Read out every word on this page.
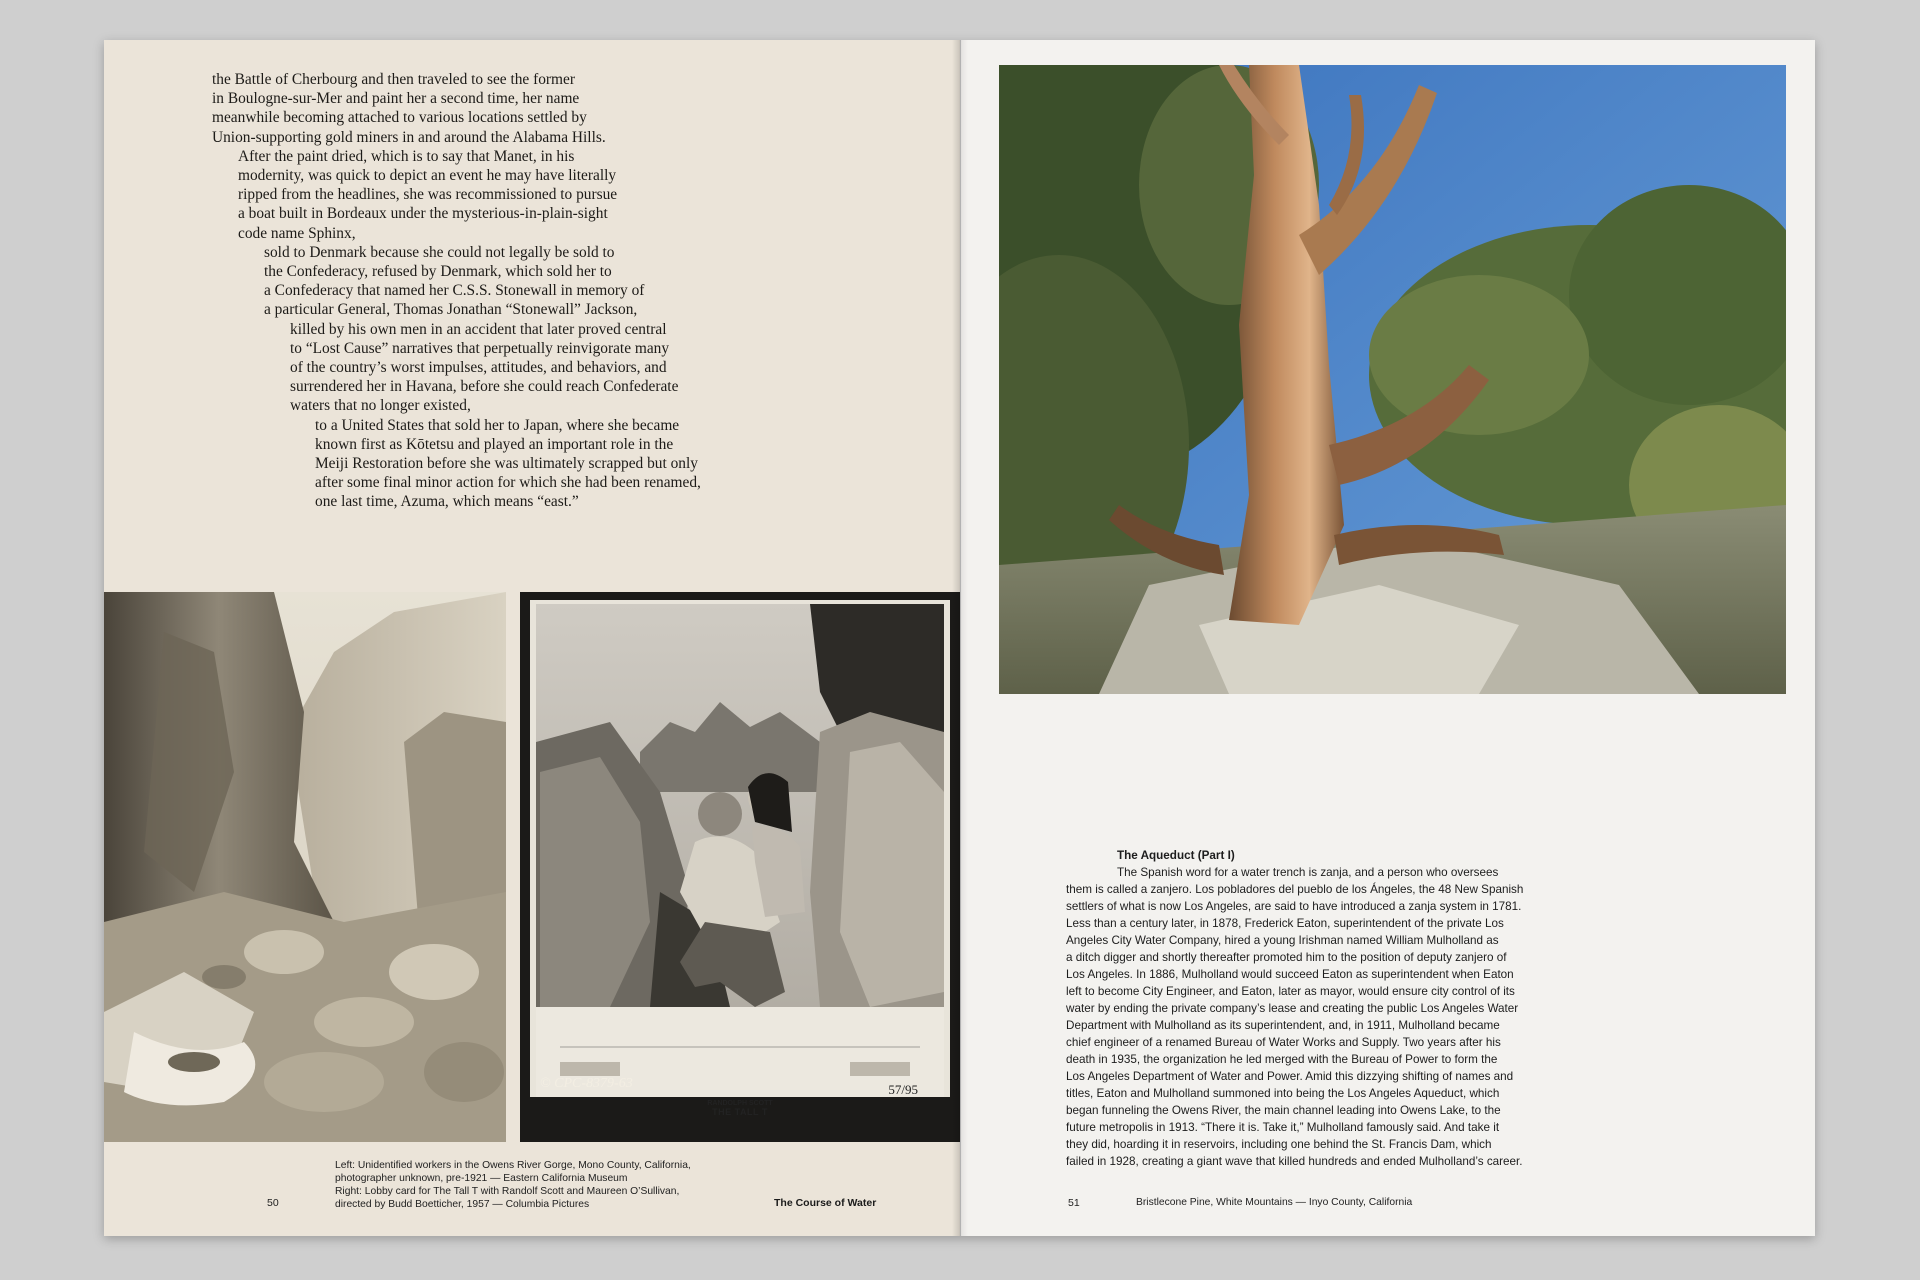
the Battle of Cherbourg and then traveled to see the former
in Boulogne-sur-Mer and paint her a second time, her name
meanwhile becoming attached to various locations settled by
Union-supporting gold miners in and around the Alabama Hills.
After the paint dried, which is to say that Manet, in his
modernity, was quick to depict an event he may have literally
ripped from the headlines, she was recommissioned to pursue
a boat built in Bordeaux under the mysterious-in-plain-sight
code name Sphinx,
sold to Denmark because she could not legally be sold to
the Confederacy, refused by Denmark, which sold her to
a Confederacy that named her C.S.S. Stonewall in memory of
a particular General, Thomas Jonathan “Stonewall” Jackson,
killed by his own men in an accident that later proved central
to “Lost Cause” narratives that perpetually reinvigorate many
of the country’s worst impulses, attitudes, and behaviors, and
surrendered her in Havana, before she could reach Confederate
waters that no longer existed,
to a United States that sold her to Japan, where she became
known first as Kōtetsu and played an important role in the
Meiji Restoration before she was ultimately scrapped but only
after some final minor action for which she had been renamed,
one last time, Azuma, which means “east.”
© CPC-8379-63
RANDOLPH SCOTT
THE TALL T
57/95
50
Left: Unidentified workers in the Owens River Gorge, Mono County, California,
photographer unknown, pre-1921 — Eastern California Museum
Right: Lobby card for The Tall T with Randolf Scott and Maureen O’Sullivan,
directed by Budd Boetticher, 1957 — Columbia Pictures	The Course of Water
The Aqueduct (Part I)
The Spanish word for a water trench is zanja, and a person who oversees
them is called a zanjero. Los pobladores del pueblo de los Ángeles, the 48 New Spanish
settlers of what is now Los Angeles, are said to have introduced a zanja system in 1781.
Less than a century later, in 1878, Frederick Eaton, superintendent of the private Los
Angeles City Water Company, hired a young Irishman named William Mulholland as
a ditch digger and shortly thereafter promoted him to the position of deputy zanjero of
Los Angeles. In 1886, Mulholland would succeed Eaton as superintendent when Eaton
left to become City Engineer, and Eaton, later as mayor, would ensure city control of its
water by ending the private company’s lease and creating the public Los Angeles Water
Department with Mulholland as its superintendent, and, in 1911, Mulholland became
chief engineer of a renamed Bureau of Water Works and Supply. Two years after his
death in 1935, the organization he led merged with the Bureau of Power to form the
Los Angeles Department of Water and Power. Amid this dizzying shifting of names and
titles, Eaton and Mulholland summoned into being the Los Angeles Aqueduct, which
began funneling the Owens River, the main channel leading into Owens Lake, to the
future metropolis in 1913. “There it is. Take it,” Mulholland famously said. And take it
they did, hoarding it in reservoirs, including one behind the St. Francis Dam, which
failed in 1928, creating a giant wave that killed hundreds and ended Mulholland’s career.
51	Bristlecone Pine, White Mountains — Inyo County, California
